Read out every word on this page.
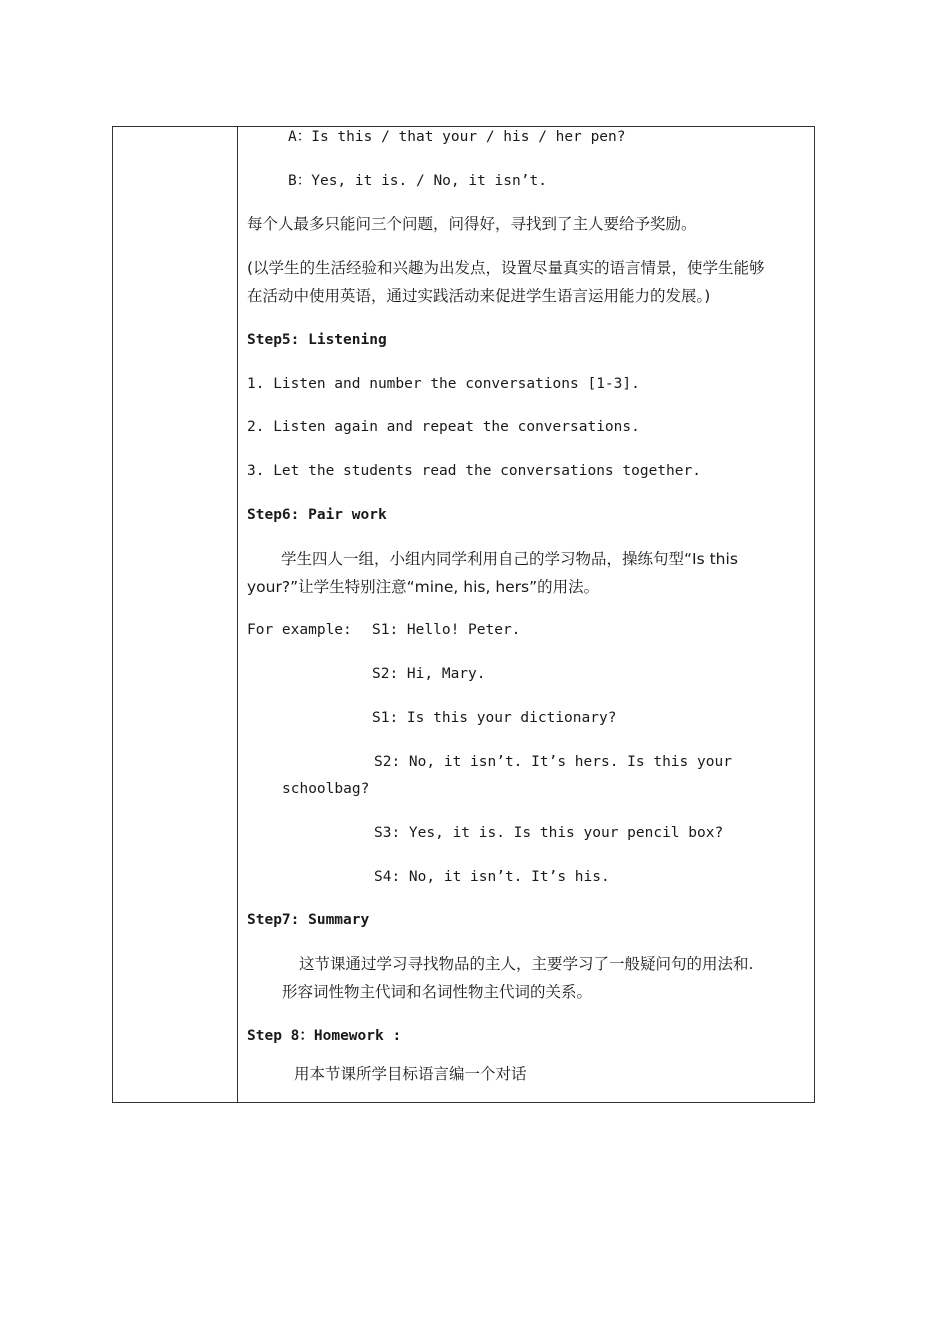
A：Is this / that your / his / her pen?
B：Yes, it is. / No, it isn’t.
每个人最多只能问三个问题，问得好，寻找到了主人要给予奖励。
(以学生的生活经验和兴趣为出发点，设置尽量真实的语言情景，使学生能够
在活动中使用英语，通过实践活动来促进学生语言运用能力的发展。)
Step5: Listening
1. Listen and number the conversations [1-3].
2. Listen again and repeat the conversations.
3. Let the students read the conversations together.
Step6: Pair work
学生四人一组，小组内同学利用自己的学习物品，操练句型“Is this
your?”让学生特别注意“mine, his, hers”的用法。
For example: S1: Hello! Peter.
S2: Hi, Mary.
S1: Is this your dictionary?
S2: No, it isn’t. It’s hers. Is this your
schoolbag?
S3: Yes, it is. Is this your pencil box?
S4: No, it isn’t. It’s his.
Step7: Summary
这节课通过学习寻找物品的主人，主要学习了一般疑问句的用法和.
形容词性物主代词和名词性物主代词的关系。
Step 8：Homework :
用本节课所学目标语言编一个对话
